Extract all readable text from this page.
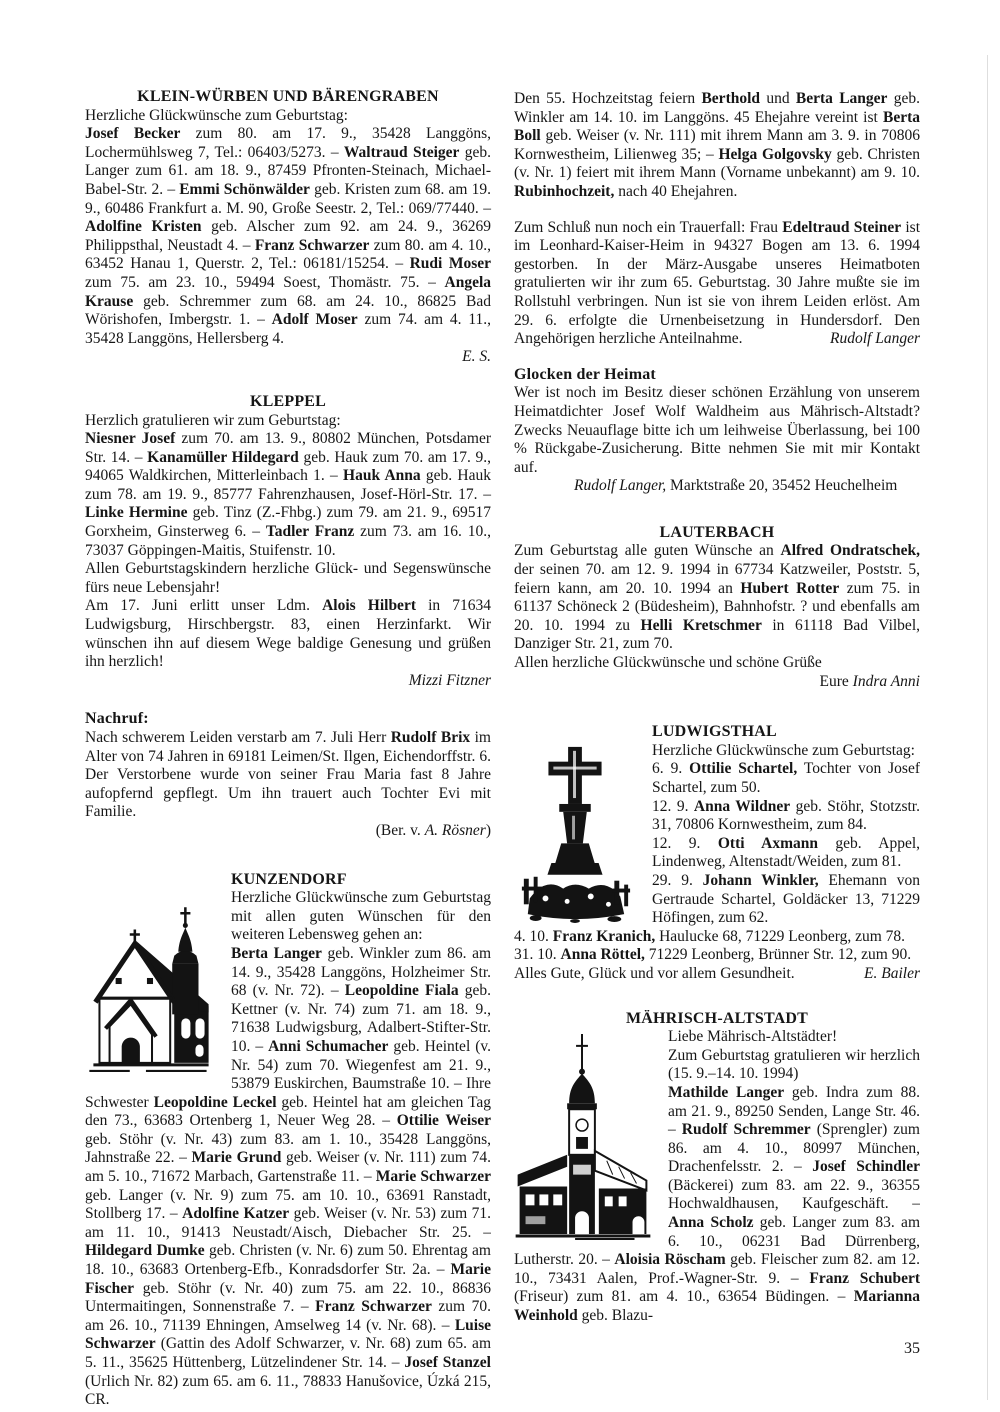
KLEIN-WÜRBEN UND BÄRENGRABEN

Herzliche Glückwünsche zum Geburtstag:

Josef Becker zum 80. am 17. 9., 35428 Langgöns, Lochermühlsweg 7, Tel.: 06403/5273. – Waltraud Steiger geb. Langer zum 61. am 18. 9., 87459 Pfronten-Steinach, Michael-Babel-Str. 2. – Emmi Schönwälder geb. Kristen zum 68. am 19. 9., 60486 Frankfurt a. M. 90, Große Seestr. 2, Tel.: 069/77440. – Adolfine Kristen geb. Alscher zum 92. am 24. 9., 36269 Philippsthal, Neustadt 4. – Franz Schwarzer zum 80. am 4. 10., 63452 Hanau 1, Querstr. 2, Tel.: 06181/15254. – Rudi Moser zum 75. am 23. 10., 59494 Soest, Thomästr. 75. – Angela Krause geb. Schremmer zum 68. am 24. 10., 86825 Bad Wörishofen, Imbergstr. 1. – Adolf Moser zum 74. am 4. 11., 35428 Langgöns, Hellersberg 4.

E. S.

KLEPPEL

Herzlich gratulieren wir zum Geburtstag:

Niesner Josef zum 70. am 13. 9., 80802 München, Potsdamer Str. 14. – Kanamüller Hildegard geb. Hauk zum 70. am 17. 9., 94065 Waldkirchen, Mitterleinbach 1. – Hauk Anna geb. Hauk zum 78. am 19. 9., 85777 Fahrenzhausen, Josef-Hörl-Str. 17. – Linke Hermine geb. Tinz (Z.-Fhbg.) zum 79. am 21. 9., 69517 Gorxheim, Ginsterweg 6. – Tadler Franz zum 73. am 16. 10., 73037 Göppingen-Maitis, Stuifenstr. 10.

Allen Geburtstagskindern herzliche Glück- und Segenswünsche fürs neue Lebensjahr!

Am 17. Juni erlitt unser Ldm. Alois Hilbert in 71634 Ludwigsburg, Hirschbergstr. 83, einen Herzinfarkt. Wir wünschen ihn auf diesem Wege baldige Genesung und grüßen ihn herzlich!

Mizzi Fitzner

Nachruf:

Nach schwerem Leiden verstarb am 7. Juli Herr Rudolf Brix im Alter von 74 Jahren in 69181 Leimen/St. Ilgen, Eichendorffstr. 6. Der Verstorbene wurde von seiner Frau Maria fast 8 Jahre aufopfernd gepflegt. Um ihn trauert auch Tochter Evi mit Familie.

(Ber. v. A. Rösner)

KUNZENDORF

Herzliche Glückwünsche zum Geburtstag mit allen guten Wünschen für den weiteren Lebensweg gehen an:

Berta Langer geb. Winkler zum 86. am 14. 9., 35428 Langgöns, Holzheimer Str. 68 (v. Nr. 72). – Leopoldine Fiala geb. Kettner (v. Nr. 74) zum 71. am 18. 9., 71638 Ludwigsburg, Adalbert-Stifter-Str. 10. – Anni Schumacher geb. Heintel (v. Nr. 54) zum 70. Wiegenfest am 21. 9., 53879 Euskirchen, Baumstraße 10. – Ihre Schwester Leopoldine Leckel geb. Heintel hat am gleichen Tag den 73., 63683 Ortenberg 1, Neuer Weg 28. – Ottilie Weiser geb. Stöhr (v. Nr. 43) zum 83. am 1. 10., 35428 Langgöns, Jahnstraße 22. – Marie Grund geb. Weiser (v. Nr. 111) zum 74. am 5. 10., 71672 Marbach, Gartenstraße 11. – Marie Schwarzer geb. Langer (v. Nr. 9) zum 75. am 10. 10., 63691 Ranstadt, Stollberg 17. – Adolfine Katzer geb. Weiser (v. Nr. 53) zum 71. am 11. 10., 91413 Neustadt/Aisch, Diebacher Str. 25. – Hildegard Dumke geb. Christen (v. Nr. 6) zum 50. Ehrentag am 18. 10., 63683 Ortenberg-Efb., Konradsdorfer Str. 2a. – Marie Fischer geb. Stöhr (v. Nr. 40) zum 75. am 22. 10., 86836 Untermaitingen, Sonnenstraße 7. – Franz Schwarzer zum 70. am 26. 10., 71139 Ehningen, Amselweg 14 (v. Nr. 68). – Luise Schwarzer (Gattin des Adolf Schwarzer, v. Nr. 68) zum 65. am 5. 11., 35625 Hüttenberg, Lützelindener Str. 14. – Josef Stanzel (Urlich Nr. 82) zum 65. am 6. 11., 78833 Hanušovice, Úzká 215, CR.

Den 55. Hochzeitstag feiern Berthold und Berta Langer geb. Winkler am 14. 10. im Langgöns. 45 Ehejahre vereint ist Berta Boll geb. Weiser (v. Nr. 111) mit ihrem Mann am 3. 9. in 70806 Kornwestheim, Lilienweg 35; – Helga Golgovsky geb. Christen (v. Nr. 1) feiert mit ihrem Mann (Vorname unbekannt) am 9. 10. Rubinhochzeit, nach 40 Ehejahren.

Zum Schluß nun noch ein Trauerfall: Frau Edeltraud Steiner ist im Leonhard-Kaiser-Heim in 94327 Bogen am 13. 6. 1994 gestorben. In der März-Ausgabe unseres Heimatboten gratulierten wir ihr zum 65. Geburtstag. 30 Jahre mußte sie im Rollstuhl verbringen. Nun ist sie von ihrem Leiden erlöst. Am 29. 6. erfolgte die Urnenbeisetzung in Hundersdorf. Den Angehörigen herzliche Anteilnahme.	Rudolf Langer

Glocken der Heimat

Wer ist noch im Besitz dieser schönen Erzählung von unserem Heimatdichter Josef Wolf Waldheim aus Mährisch-Altstadt? Zwecks Neuauflage bitte ich um leihweise Überlassung, bei 100 % Rückgabe-Zusicherung. Bitte nehmen Sie mit mir Kontakt auf.

Rudolf Langer, Marktstraße 20, 35452 Heuchelheim

LAUTERBACH

Zum Geburtstag alle guten Wünsche an Alfred Ondratschek, der seinen 70. am 12. 9. 1994 in 67734 Katzweiler, Poststr. 5, feiern kann, am 20. 10. 1994 an Hubert Rotter zum 75. in 61137 Schöneck 2 (Büdesheim), Bahnhofstr. ? und ebenfalls am 20. 10. 1994 zu Helli Kretschmer in 61118 Bad Vilbel, Danziger Str. 21, zum 70.

Allen herzliche Glückwünsche und schöne Grüße

Eure Indra Anni

LUDWIGSTHAL

Herzliche Glückwünsche zum Geburtstag:

6. 9. Ottilie Schartel, Tochter von Josef Schartel, zum 50.

12. 9. Anna Wildner geb. Stöhr, Stotzstr. 31, 70806 Kornwestheim, zum 84.

12. 9. Otti Axmann geb. Appel, Lindenweg, Altenstadt/Weiden, zum 81.

29. 9. Johann Winkler, Ehemann von Gertraude Schartel, Goldäcker 13, 71229 Höfingen, zum 62.

4. 10. Franz Kranich, Haulucke 68, 71229 Leonberg, zum 78.

31. 10. Anna Röttel, 71229 Leonberg, Brünner Str. 12, zum 90.

Alles Gute, Glück und vor allem Gesundheit.	E. Bailer

MÄHRISCH-ALTSTADT

Liebe Mährisch-Altstädter!

Zum Geburtstag gratulieren wir herzlich (15. 9.–14. 10. 1994)

Mathilde Langer geb. Indra zum 88. am 21. 9., 89250 Senden, Lange Str. 46. – Rudolf Schremmer (Sprengler) zum 86. am 4. 10., 80997 München, Drachenfelsstr. 2. – Josef Schindler (Bäckerei) zum 83. am 22. 9., 36355 Hochwaldhausen, Kaufgeschäft. – Anna Scholz geb. Langer zum 83. am 6. 10., 06231 Bad Dürrenberg, Lutherstr. 20. – Aloisia Röscham geb. Fleischer zum 82. am 12. 10., 73431 Aalen, Prof.-Wagner-Str. 9. – Franz Schubert (Friseur) zum 81. am 4. 10., 63654 Büdingen. – Marianna Weinhold geb. Blazu-

35
